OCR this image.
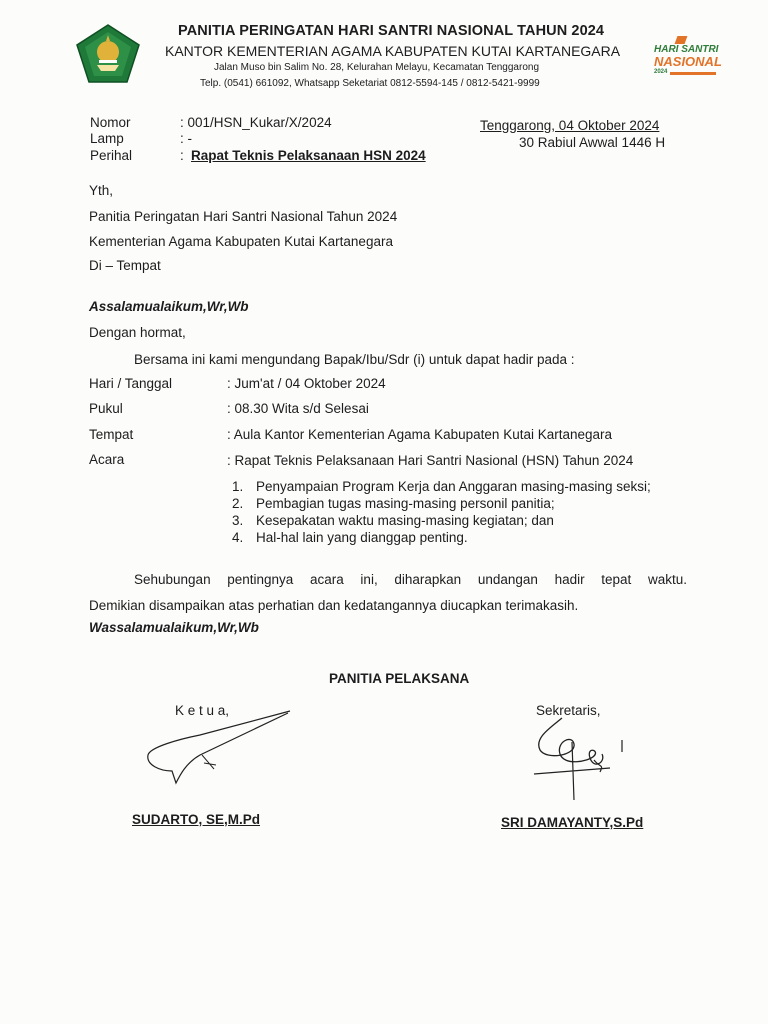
PANITIA PERINGATAN HARI SANTRI NASIONAL TAHUN 2024
KANTOR KEMENTERIAN AGAMA KABUPATEN KUTAI KARTANEGARA
Jalan Muso bin Salim No. 28, Kelurahan Melayu, Kecamatan Tenggarong
Telp. (0541) 661092, Whatsapp Seketariat 0812-5594-145 / 0812-5421-9999
HARI SANTRI
NASIONAL
2024
Nomor	: 001/HSN_Kukar/X/2024
Lamp	: -
Perihal	: Rapat Teknis Pelaksanaan HSN 2024
Tenggarong, 04 Oktober 2024
30 Rabiul Awwal 1446 H
Yth,
Panitia Peringatan Hari Santri Nasional Tahun 2024
Kementerian Agama Kabupaten Kutai Kartanegara
Di – Tempat
Assalamualaikum,Wr,Wb
Dengan hormat,
Bersama ini kami mengundang Bapak/Ibu/Sdr (i) untuk dapat hadir pada :
Hari / Tanggal	: Jum'at / 04 Oktober 2024
Pukul	: 08.30 Wita s/d Selesai
Tempat	: Aula Kantor Kementerian Agama Kabupaten Kutai Kartanegara
Acara	: Rapat Teknis Pelaksanaan Hari Santri Nasional (HSN) Tahun 2024
1. Penyampaian Program Kerja dan Anggaran masing-masing seksi;
2. Pembagian tugas masing-masing personil panitia;
3. Kesepakatan waktu masing-masing kegiatan; dan
4. Hal-hal lain yang dianggap penting.
Sehubungan pentingnya acara ini, diharapkan undangan hadir tepat waktu.
Demikian disampaikan atas perhatian dan kedatangannya diucapkan terimakasih.
Wassalamualaikum,Wr,Wb
PANITIA PELAKSANA
K e t u a,
SUDARTO, SE,M.Pd
Sekretaris,
SRI DAMAYANTY,S.Pd
